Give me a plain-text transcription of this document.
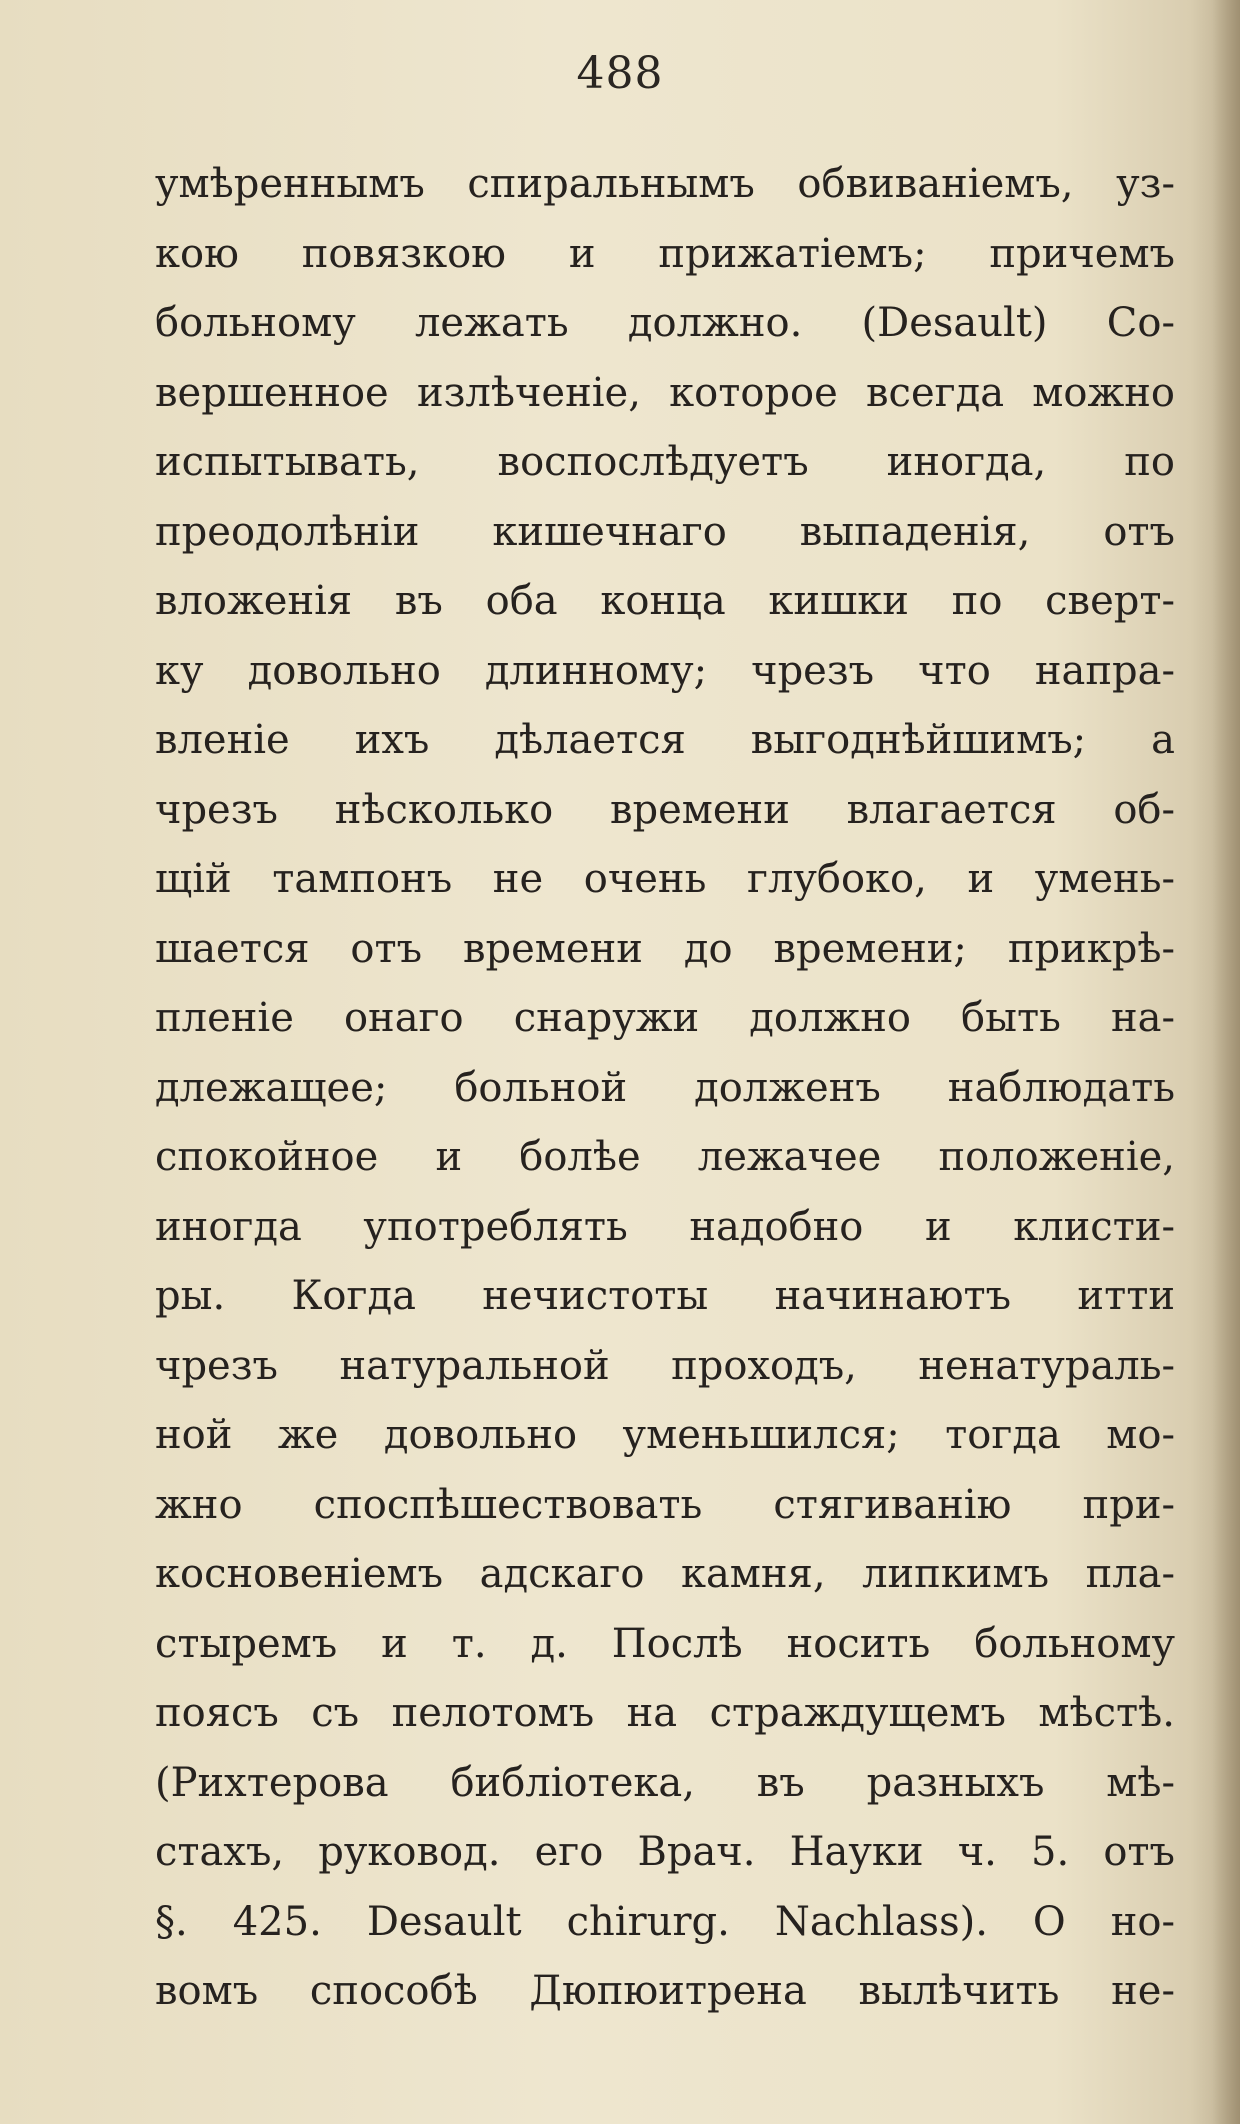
488
умѣреннымъ спиральнымъ обвиваніемъ, уз-
кою повязкою и прижатіемъ; причемъ
больному лежать должно. (Desault) Со-
вершенное излѣченіе, которое всегда можно
испытывать, воспослѣдуетъ иногда, по
преодолѣніи кишечнаго выпаденія, отъ
вложенія въ оба конца кишки по сверт-
ку довольно длинному; чрезъ что напра-
вленіе ихъ дѣлается выгоднѣйшимъ; а
чрезъ нѣсколько времени влагается об-
щій тампонъ не очень глубоко, и умень-
шается отъ времени до времени; прикрѣ-
пленіе онаго снаружи должно быть на-
длежащее; больной долженъ наблюдать
спокойное и болѣе лежачее положеніе,
иногда употреблять надобно и клисти-
ры. Когда нечистоты начинаютъ итти
чрезъ натуральной проходъ, ненатураль-
ной же довольно уменьшился; тогда мо-
жно споспѣшествовать стягиванію при-
косновеніемъ адскаго камня, липкимъ пла-
стыремъ и т. д. Послѣ носить больному
поясъ съ пелотомъ на страждущемъ мѣстѣ.
(Рихтерова библіотека, въ разныхъ мѣ-
стахъ, руковод. его Врач. Науки ч. 5. отъ
§. 425. Desault chirurg. Nachlass). О но-
вомъ способѣ Дюпюитрена вылѣчить не-
